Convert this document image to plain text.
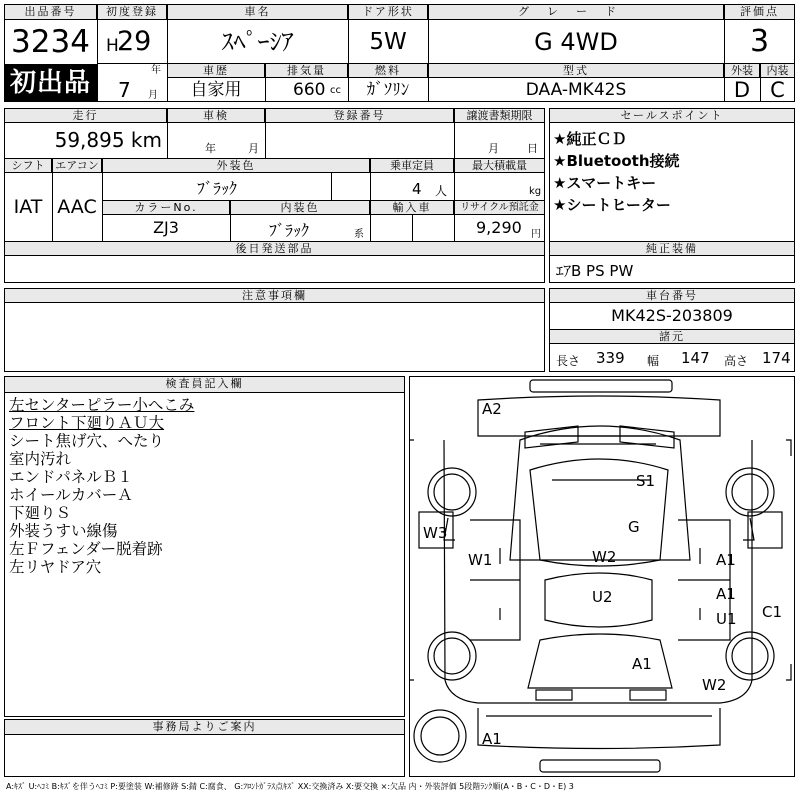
出品番号
3234
初出品
初度登録
H
29
年
車名
ｽﾍﾟｰｼｱ
ドア形状
5W
グレード
G 4WD
評価点
3
7 月
車歴
自家用
排気量
660 cc
燃料
ｶﾞｿﾘﾝ
型式
DAA-MK42S
外装	内装
D C
走行
59,895 km
車検
年	月
登録番号	譲渡書類期限
月	日
シフト エアコン
IAT AAC
外装色
ﾌﾞﾗｯｸ
乗車定員
4 人
最大積載量
kg
カラーNo.
ZJ3
内装色
ﾌﾞﾗｯｸ	系
輸入車	リサイクル預託金
9,290 円
後日発送部品
セールスポイント
★純正ＣＤ
★Bluetooth接続
★スマートキー
★シートヒーター
純正装備
ｴｱB PS PW
注意事項欄	車台番号
MK42S-203809
諸元
長さ 339 幅 147 高さ 174
検査員記入欄
左センターピラー小へこみ
フロント下廻りＡＵ大
シート焦げ穴、へたり
室内汚れ
エンドパネルＢ１
ホイールカバーＡ
下廻りＳ
外装うすい線傷
左Ｆフェンダー脱着跡
左リヤドア穴
事務局よりご案内
A2
S1
G
W3
W1	W2	A1
U2	A1
U1 C1
A1
W2
A1
A:ｷｽﾞ U:ﾍｺﾐ B:ｷｽﾞを伴うﾍｺﾐ P:要塗装 W:補修跡 S:錆 C:腐食、 G:ﾌﾛﾝﾄｶﾞﾗｽ点ｷｽﾞ XX:交換済み X:要交換 ×:欠品 内・外装評価 5段階ﾗﾝｸ順(A・B・C・D・E) 3
